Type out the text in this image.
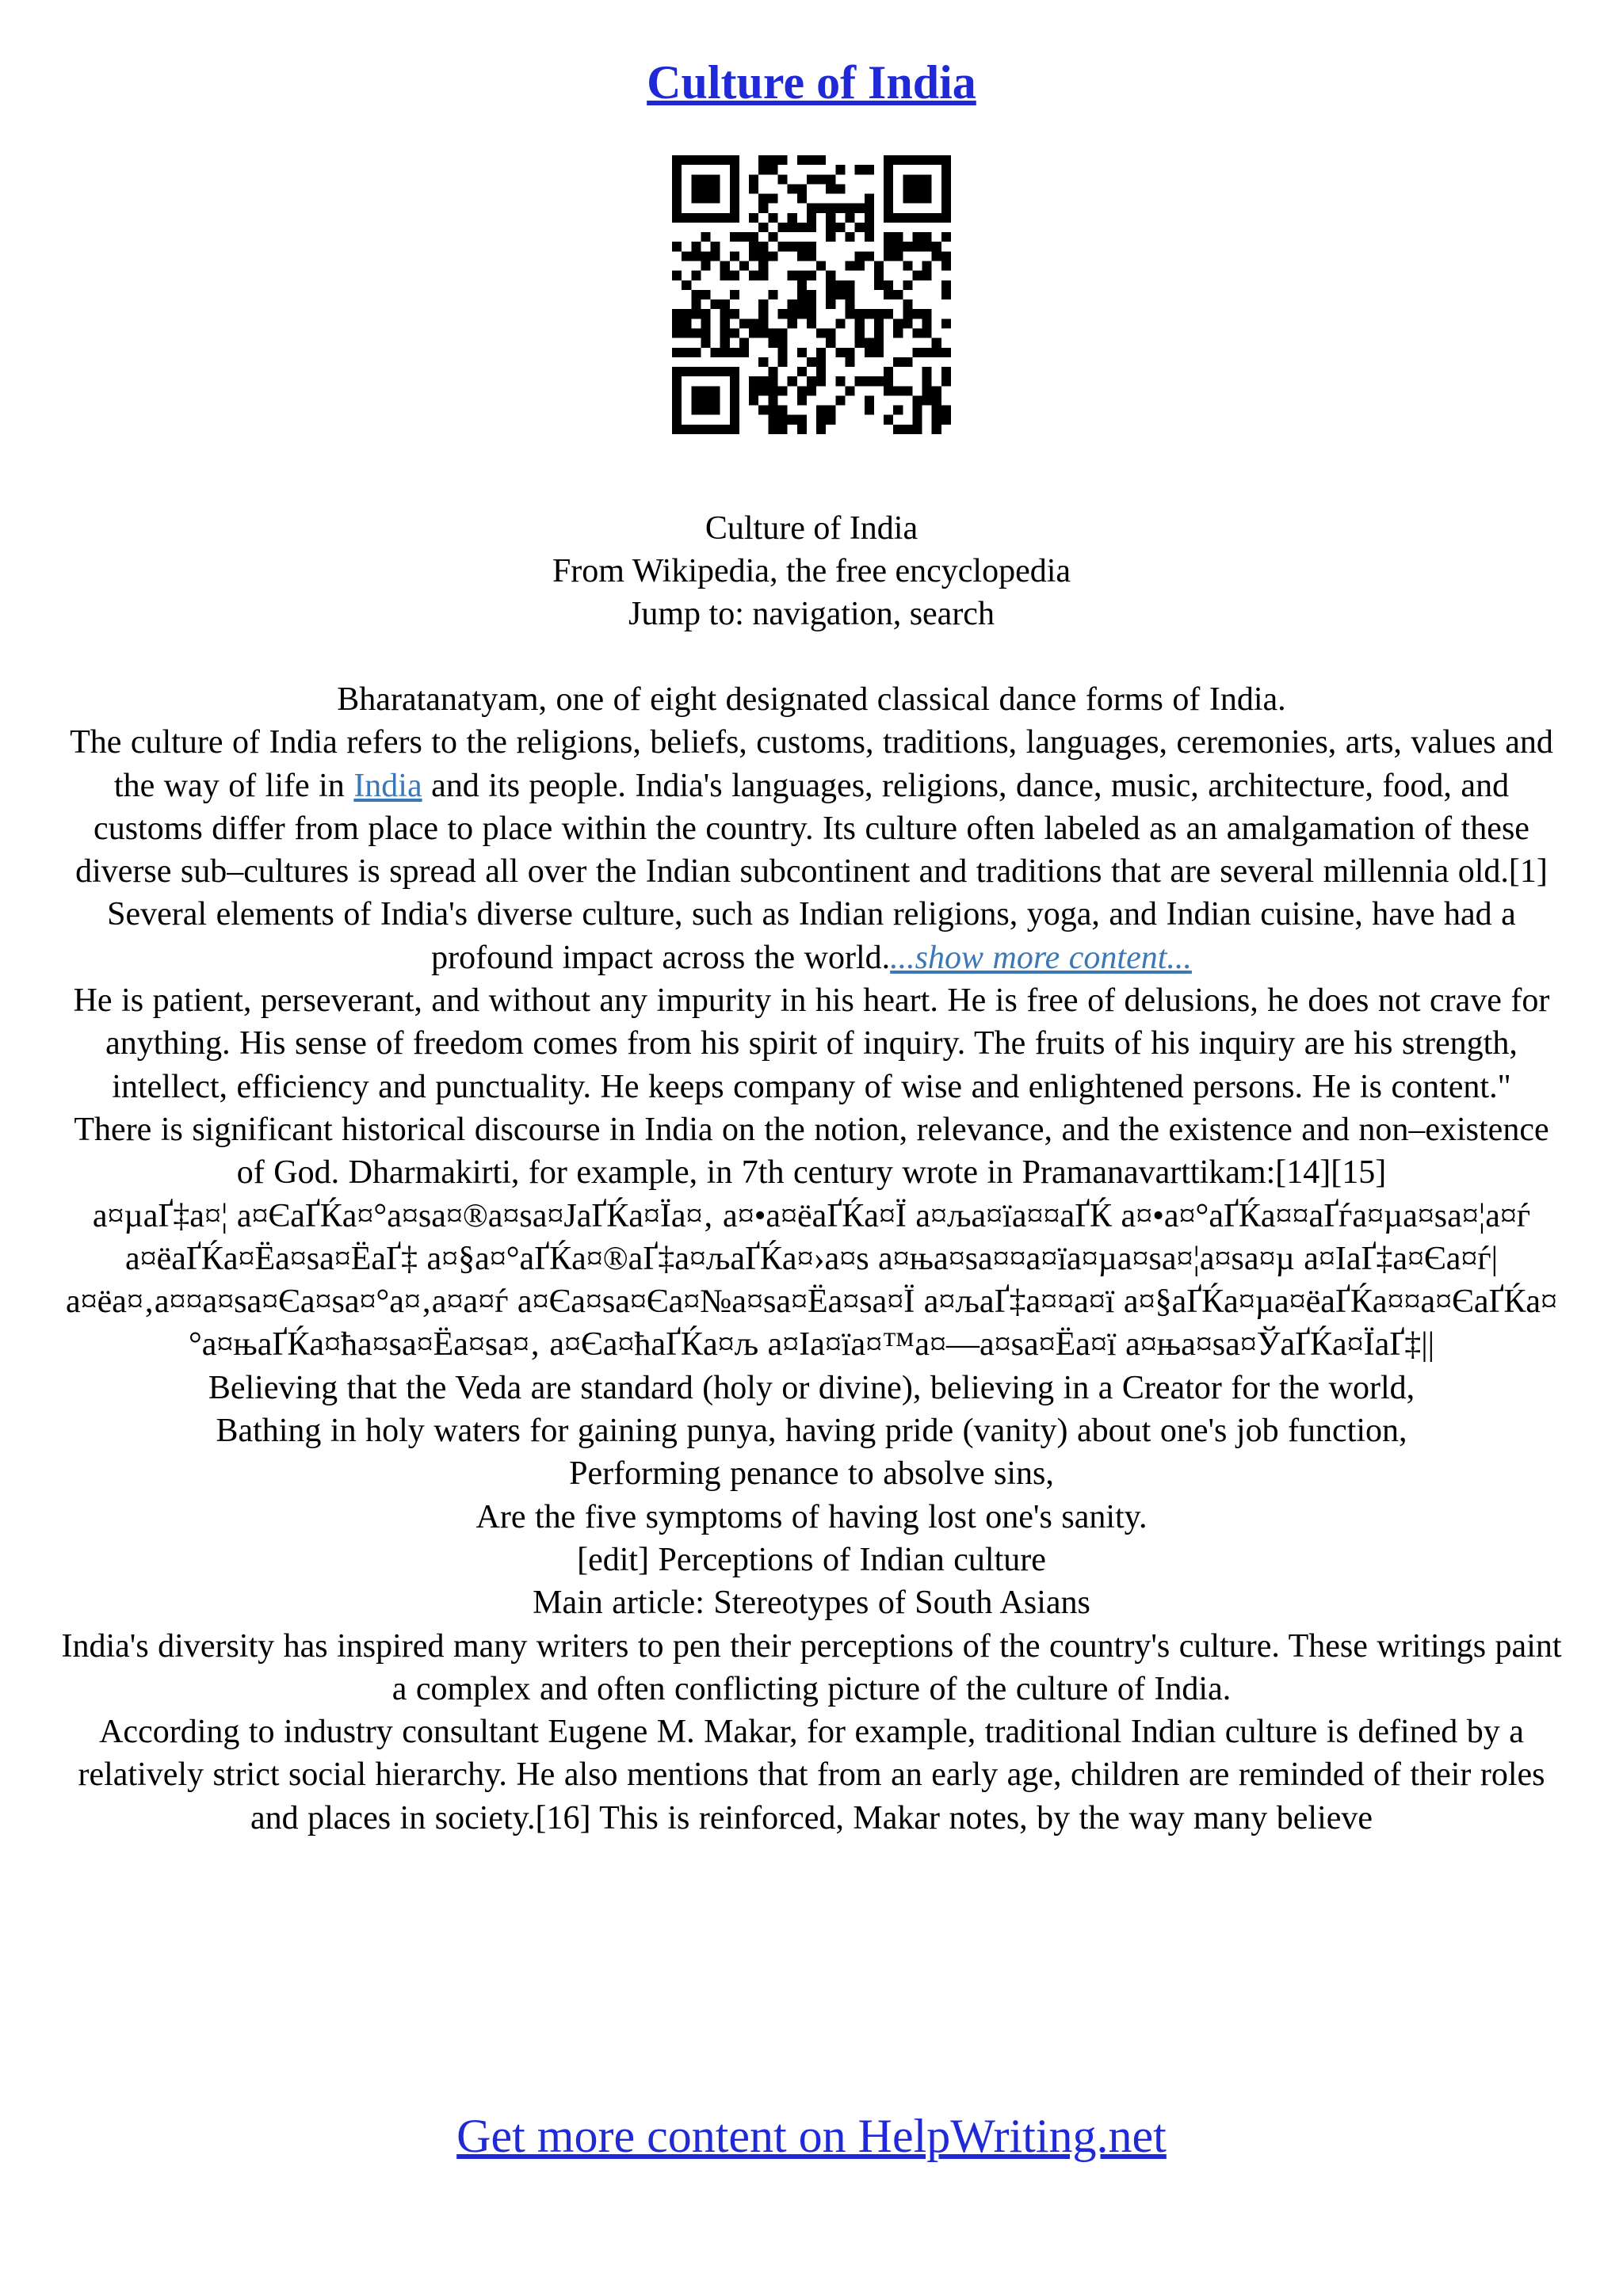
Culture of India
Culture of India
From Wikipedia, the free encyclopedia
Jump to: navigation, search

Bharatanatyam, one of eight designated classical dance forms of India.

The culture of India refers to the religions, beliefs, customs, traditions, languages, ceremonies, arts, values and the way of life in India and its people. India's languages, religions, dance, music, architecture, food, and customs differ from place to place within the country. Its culture often labeled as an amalgamation of these diverse sub–cultures is spread all over the Indian subcontinent and traditions that are several millennia old.[1] Several elements of India's diverse culture, such as Indian religions, yoga, and Indian cuisine, have had a profound impact across the world....show more content...

He is patient, perseverant, and without any impurity in his heart. He is free of delusions, he does not crave for anything. His sense of freedom comes from his spirit of inquiry. The fruits of his inquiry are his strength, intellect, efficiency and punctuality. He keeps company of wise and enlightened persons. He is content."

There is significant historical discourse in India on the notion, relevance, and the existence and non–existence of God. Dharmakirti, for example, in 7th century wrote in Pramanavarttikam:[14][15]

а¤µаҐ‡а¤¦ а¤ЄаҐЌа¤°а¤ѕа¤®а¤ѕа¤ЈаҐЌа¤Їа¤‚ а¤•а¤ёаҐЌа¤Ї а¤ља¤їа¤¤аҐЌ а¤•а¤°аҐЌа¤¤аҐѓа¤µа¤ѕа¤¦а¤ѓ а¤ёаҐЌа¤Ёа¤ѕа¤ЁаҐ‡ а¤§а¤°аҐЌа¤®аҐ‡а¤љаҐЌа¤›а¤ѕ а¤ња¤ѕа¤¤а¤їа¤µа¤ѕа¤¦а¤ѕа¤µ а¤ІаҐ‡а¤Єа¤ѓ|

а¤ёа¤‚а¤¤а¤ѕа¤Єа¤ѕа¤°а¤‚а¤а¤ѓ а¤Єа¤ѕа¤Єа¤№а¤ѕа¤Ёа¤ѕа¤Ї а¤љаҐ‡а¤¤а¤ї а¤§аҐЌа¤µа¤ёаҐЌа¤¤а¤ЄаҐЌа¤°а¤њаҐЌа¤ћа¤ѕа¤Ёа¤ѕа¤‚ а¤Єа¤ћаҐЌа¤љ а¤Іа¤їа¤™а¤—а¤ѕа¤Ёа¤ї а¤ња¤ѕа¤ЎаҐЌа¤ЇаҐ‡||

Believing that the Veda are standard (holy or divine), believing in a Creator for the world,

Bathing in holy waters for gaining punya, having pride (vanity) about one's job function,

Performing penance to absolve sins,

Are the five symptoms of having lost one's sanity.

[edit] Perceptions of Indian culture

Main article: Stereotypes of South Asians

India's diversity has inspired many writers to pen their perceptions of the country's culture. These writings paint a complex and often conflicting picture of the culture of India.

According to industry consultant Eugene M. Makar, for example, traditional Indian culture is defined by a relatively strict social hierarchy. He also mentions that from an early age, children are reminded of their roles and places in society.[16] This is reinforced, Makar notes, by the way many believe

Get more content on HelpWriting.net
